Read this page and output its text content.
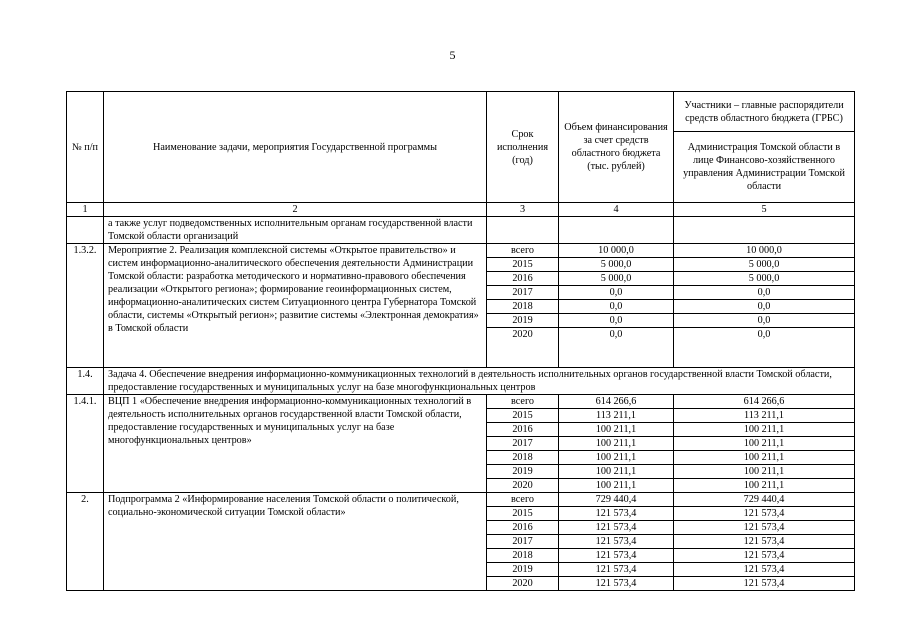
5
№ п/п	Наименование задачи, мероприятия Государственной программы	Срок исполнения (год)	Объем финансирования за счет средств областного бюджета (тыс. рублей)	Участники – главные распорядители средств областного бюджета (ГРБС)
				Администрация Томской области в лице Финансово-хозяйственного управления Администрации Томской области
1	2	3	4	5
	а также услуг подведомственных исполнительным органам государственной власти Томской области организаций			
1.3.2.	Мероприятие 2. Реализация комплексной системы «Открытое правительство» и систем информационно-аналитического обеспечения деятельности Администрации Томской области: разработка методического и нормативно-правового обеспечения реализации «Открытого региона»; формирование геоинформационных систем, информационно-аналитических систем Ситуационного центра Губернатора Томской области, системы «Открытый регион»; развитие системы «Электронная демократия» в Томской области	всего	10 000,0	10 000,0
		2015	5 000,0	5 000,0
		2016	5 000,0	5 000,0
		2017	0,0	0,0
		2018	0,0	0,0
		2019	0,0	0,0
		2020	0,0	0,0
1.4.	Задача 4. Обеспечение внедрения информационно-коммуникационных технологий в деятельность исполнительных органов государственной власти Томской области, предоставление государственных и муниципальных услуг на базе многофункциональных центров			
1.4.1.	ВЦП 1 «Обеспечение внедрения информационно-коммуникационных технологий в деятельность исполнительных органов государственной власти Томской области, предоставление государственных и муниципальных услуг на базе многофункциональных центров»	всего	614 266,6	614 266,6
		2015	113 211,1	113 211,1
		2016	100 211,1	100 211,1
		2017	100 211,1	100 211,1
		2018	100 211,1	100 211,1
		2019	100 211,1	100 211,1
		2020	100 211,1	100 211,1
2.	Подпрограмма 2 «Информирование населения Томской области о политической, социально-экономической ситуации Томской области»	всего	729 440,4	729 440,4
		2015	121 573,4	121 573,4
		2016	121 573,4	121 573,4
		2017	121 573,4	121 573,4
		2018	121 573,4	121 573,4
		2019	121 573,4	121 573,4
		2020	121 573,4	121 573,4
